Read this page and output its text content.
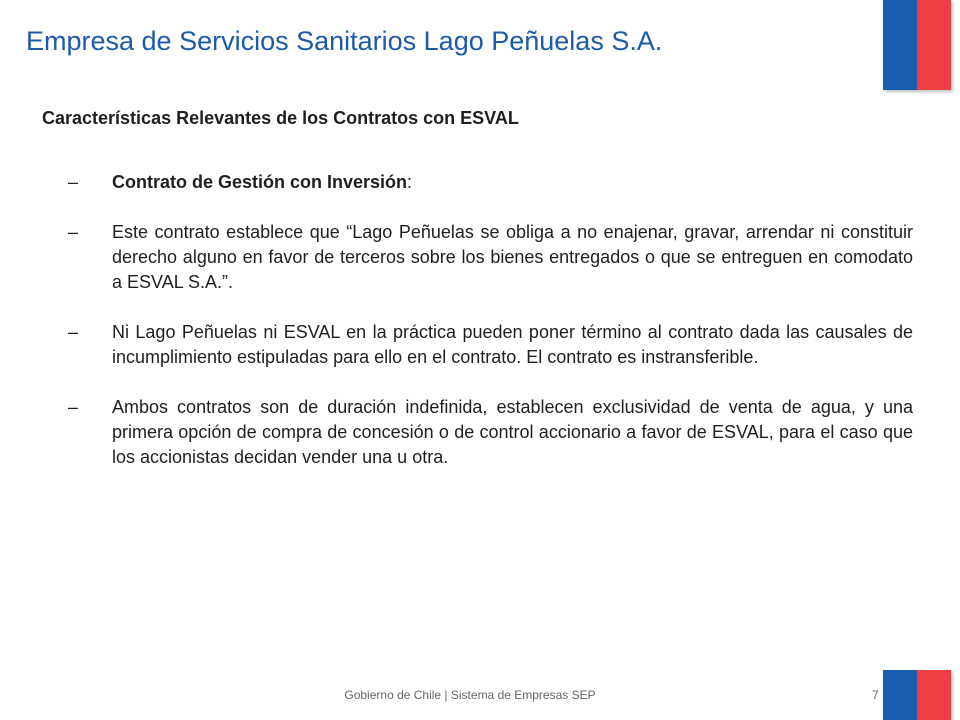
Empresa de Servicios Sanitarios Lago Peñuelas S.A.

Características Relevantes de los Contratos con ESVAL

– Contrato de Gestión con Inversión:
– Este contrato establece que “Lago Peñuelas se obliga a no enajenar, gravar, arrendar ni constituir derecho alguno en favor de terceros sobre los bienes entregados o que se entreguen en comodato a ESVAL S.A.”.
– Ni Lago Peñuelas ni ESVAL en la práctica pueden poner término al contrato dada las causales de incumplimiento estipuladas para ello en el contrato. El contrato es instransferible.
– Ambos contratos son de duración indefinida, establecen exclusividad de venta de agua, y una primera opción de compra de concesión o de control accionario a favor de ESVAL, para el caso que los accionistas decidan vender una u otra.
Gobierno de Chile | Sistema de Empresas SEP	7
